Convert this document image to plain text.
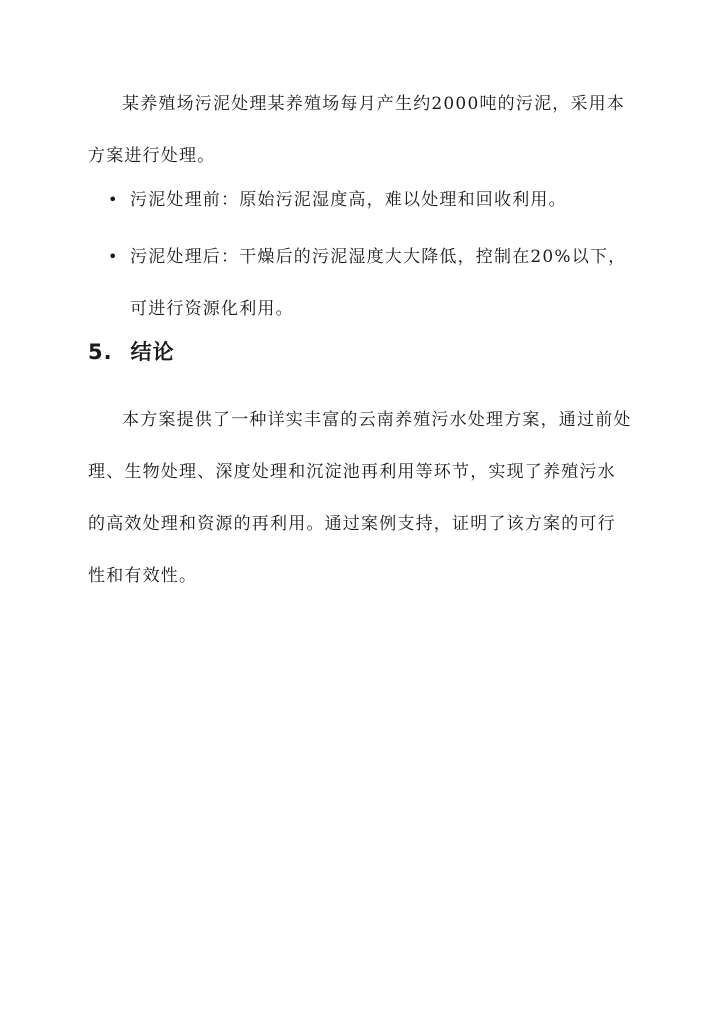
某养殖场污泥处理某养殖场每月产生约2000吨的污泥，采用本方案进行处理。

• 污泥处理前：原始污泥湿度高，难以处理和回收利用。
• 污泥处理后：干燥后的污泥湿度大大降低，控制在20%以下，可进行资源化利用。
5. 结论

本方案提供了一种详实丰富的云南养殖污水处理方案，通过前处理、生物处理、深度处理和沉淀池再利用等环节，实现了养殖污水的高效处理和资源的再利用。通过案例支持，证明了该方案的可行性和有效性。
